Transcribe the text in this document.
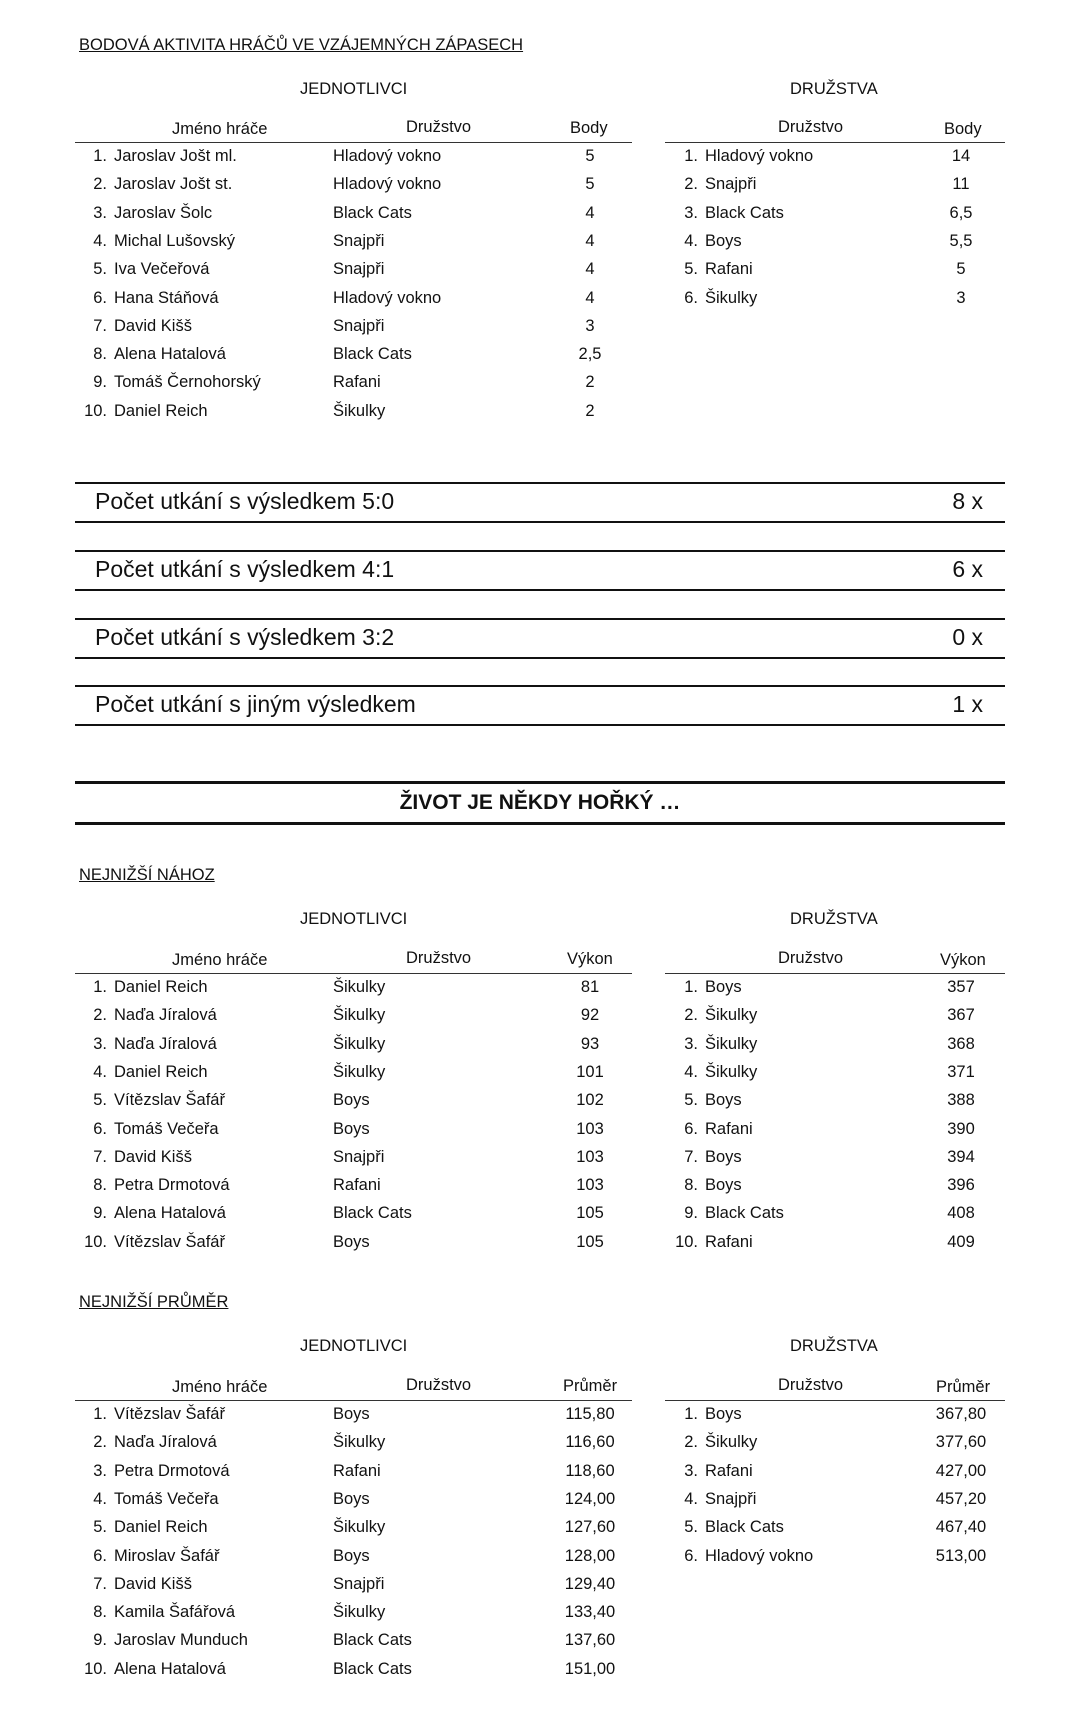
BODOVÁ AKTIVITA HRÁČŮ VE VZÁJEMNÝCH ZÁPASECH
JEDNOTLIVCI	DRUŽSTVA
Jméno hráče	Družstvo	Body	Družstvo	Body
1. Jaroslav Jošt ml.	Hladový vokno	5
2. Jaroslav Jošt st.	Hladový vokno	5
3. Jaroslav Šolc	Black Cats	4
4. Michal Lušovský	Snajpři	4
5. Iva Večeřová	Snajpři	4
6. Hana Stáňová	Hladový vokno	4
7. David Kišš	Snajpři	3
8. Alena Hatalová	Black Cats	2,5
9. Tomáš Černohorský	Rafani	2
10. Daniel Reich	Šikulky	2
1. Hladový vokno	14
2. Snajpři	11
3. Black Cats	6,5
4. Boys	5,5
5. Rafani	5
6. Šikulky	3
Počet utkání s výsledkem 5:0	8 x
Počet utkání s výsledkem 4:1	6 x
Počet utkání s výsledkem 3:2	0 x
Počet utkání s jiným výsledkem	1 x
ŽIVOT JE NĚKDY HOŘKÝ …
NEJNIŽŠÍ NÁHOZ
JEDNOTLIVCI	DRUŽSTVA
Jméno hráče	Družstvo	Výkon	Družstvo	Výkon
1. Daniel Reich	Šikulky	81
2. Naďa Jíralová	Šikulky	92
3. Naďa Jíralová	Šikulky	93
4. Daniel Reich	Šikulky	101
5. Vítězslav Šafář	Boys	102
6. Tomáš Večeřa	Boys	103
7. David Kišš	Snajpři	103
8. Petra Drmotová	Rafani	103
9. Alena Hatalová	Black Cats	105
10. Vítězslav Šafář	Boys	105
1. Boys	357
2. Šikulky	367
3. Šikulky	368
4. Šikulky	371
5. Boys	388
6. Rafani	390
7. Boys	394
8. Boys	396
9. Black Cats	408
10. Rafani	409
NEJNIŽŠÍ PRŮMĚR
JEDNOTLIVCI	DRUŽSTVA
Jméno hráče	Družstvo	Průměr	Družstvo	Průměr
1. Vítězslav Šafář	Boys	115,80
2. Naďa Jíralová	Šikulky	116,60
3. Petra Drmotová	Rafani	118,60
4. Tomáš Večeřa	Boys	124,00
5. Daniel Reich	Šikulky	127,60
6. Miroslav Šafář	Boys	128,00
7. David Kišš	Snajpři	129,40
8. Kamila Šafářová	Šikulky	133,40
9. Jaroslav Munduch	Black Cats	137,60
10. Alena Hatalová	Black Cats	151,00
1. Boys	367,80
2. Šikulky	377,60
3. Rafani	427,00
4. Snajpři	457,20
5. Black Cats	467,40
6. Hladový vokno	513,00
